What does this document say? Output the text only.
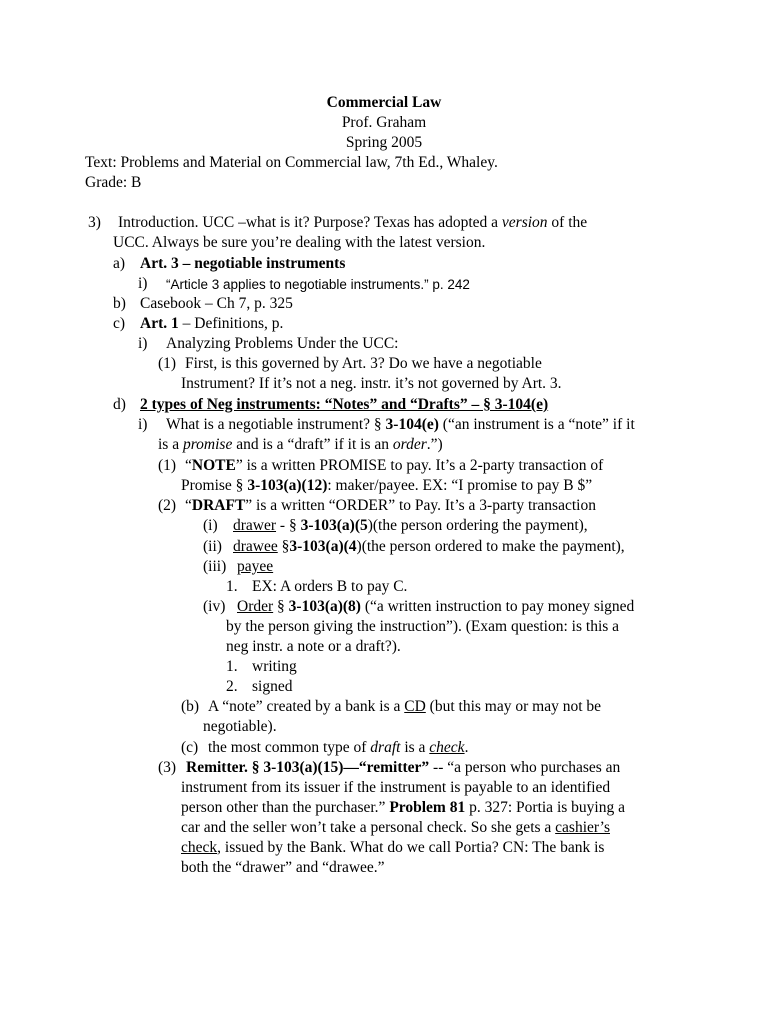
Commercial Law
Prof. Graham
Spring 2005
Text: Problems and Material on Commercial law, 7th Ed., Whaley.
Grade: B
3) Introduction. UCC –what is it? Purpose? Texas has adopted a version of the
UCC. Always be sure you’re dealing with the latest version.
a) Art. 3 – negotiable instruments
i) “Article 3 applies to negotiable instruments.” p. 242
b) Casebook – Ch 7, p. 325
c) Art. 1 – Definitions, p.
i) Analyzing Problems Under the UCC:
(1) First, is this governed by Art. 3? Do we have a negotiable
Instrument? If it’s not a neg. instr. it’s not governed by Art. 3.
d) 2 types of Neg instruments: “Notes” and “Drafts” – § 3-104(e)
i) What is a negotiable instrument? § 3-104(e) (“an instrument is a “note” if it
is a promise and is a “draft” if it is an order.”)
(1) “NOTE” is a written PROMISE to pay. It’s a 2-party transaction of
Promise § 3-103(a)(12): maker/payee. EX: “I promise to pay B $”
(2) “DRAFT” is a written “ORDER” to Pay. It’s a 3-party transaction
(i) drawer - § 3-103(a)(5)(the person ordering the payment),
(ii) drawee §3-103(a)(4)(the person ordered to make the payment),
(iii) payee
1. EX: A orders B to pay C.
(iv) Order § 3-103(a)(8) (“a written instruction to pay money signed
by the person giving the instruction”). (Exam question: is this a
neg instr. a note or a draft?).
1. writing
2. signed
(b) A “note” created by a bank is a CD (but this may or may not be
negotiable).
(c) the most common type of draft is a check.
(3) Remitter. § 3-103(a)(15)—“remitter” -- “a person who purchases an
instrument from its issuer if the instrument is payable to an identified
person other than the purchaser.” Problem 81 p. 327: Portia is buying a
car and the seller won’t take a personal check. So she gets a cashier’s
check, issued by the Bank. What do we call Portia? CN: The bank is
both the “drawer” and “drawee.”
